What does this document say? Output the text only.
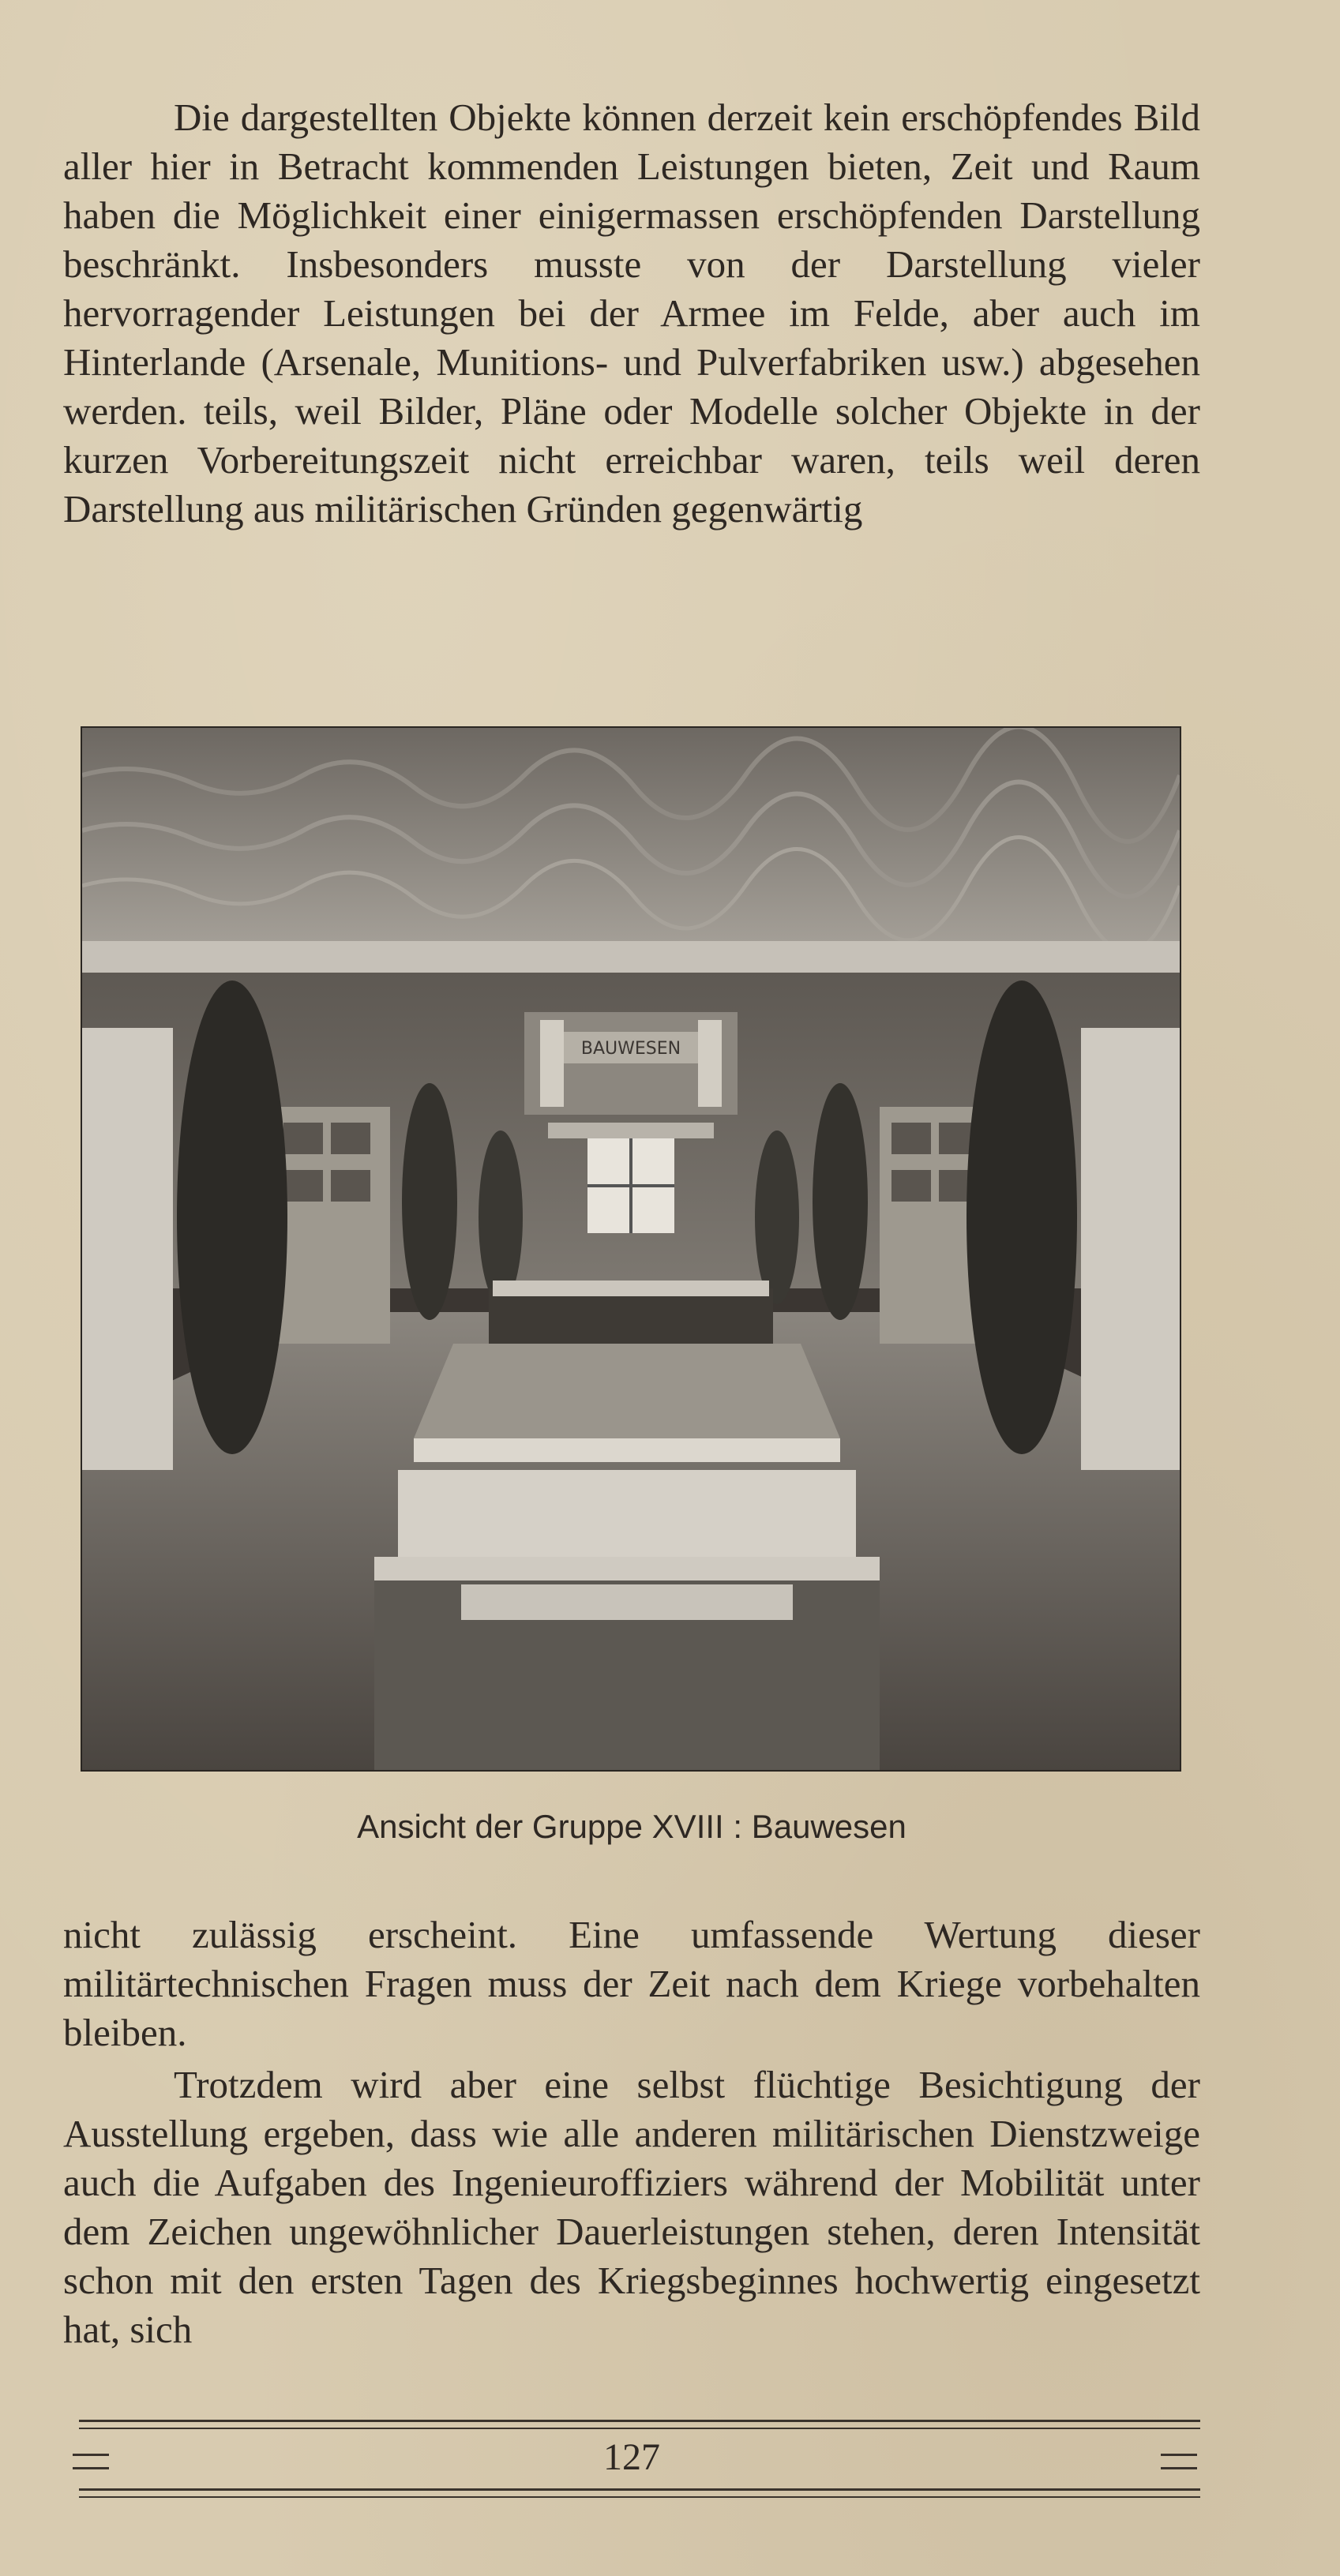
Die dargestellten Objekte können derzeit kein erschöpfendes Bild aller hier in Betracht kommenden Leistungen bieten, Zeit und Raum haben die Möglichkeit einer einigermassen erschöpfenden Darstellung beschränkt. Insbesonders musste von der Darstellung vieler hervorragender Leistungen bei der Armee im Felde, aber auch im Hinterlande (Arsenale, Munitions- und Pulverfabriken usw.) abgesehen werden. teils, weil Bilder, Pläne oder Modelle solcher Objekte in der kurzen Vorbereitungszeit nicht erreichbar waren, teils weil deren Darstellung aus militärischen Gründen gegenwärtig

BAUWESEN
Ansicht der Gruppe XVIII : Bauwesen

nicht zulässig erscheint. Eine umfassende Wertung dieser militärtechnischen Fragen muss der Zeit nach dem Kriege vorbehalten bleiben.

Trotzdem wird aber eine selbst flüchtige Besichtigung der Ausstellung ergeben, dass wie alle anderen militärischen Dienstzweige auch die Aufgaben des Ingenieuroffiziers während der Mobilität unter dem Zeichen ungewöhnlicher Dauerleistungen stehen, deren Intensität schon mit den ersten Tagen des Kriegsbeginnes hochwertig eingesetzt hat, sich

127
